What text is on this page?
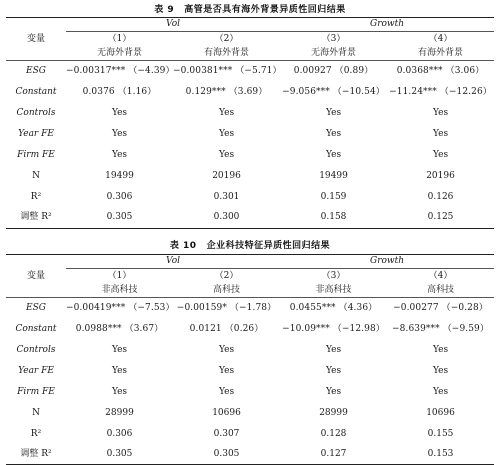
表 9 高管是否具有海外背景异质性回归结果
变量	Vol		Growth	
	（1）	（2）	（3）	（4）
	无海外背景	有海外背景	无海外背景	有海外背景
ESG	−0.00317*** （−4.39）	−0.00381*** （−5.71）	0.00927 （0.89）	0.0368*** （3.06）
Constant	0.0376 （1.16）	0.129*** （3.69）	−9.056*** （−10.54）	−11.24*** （−12.26）
Controls	Yes	Yes	Yes	Yes
Year FE	Yes	Yes	Yes	Yes
Firm FE	Yes	Yes	Yes	Yes
N	19499	20196	19499	20196
R²	0.306	0.301	0.159	0.126
调整 R²	0.305	0.300	0.158	0.125
表 10 企业科技特征异质性回归结果
变量	Vol		Growth	
	（1）	（2）	（3）	（4）
	非高科技	高科技	非高科技	高科技
ESG	−0.00419*** （−7.53）	−0.00159* （−1.78）	0.0455*** （4.36）	−0.00277 （−0.28）
Constant	0.0988*** （3.67）	0.0121 （0.26）	−10.09*** （−12.98）	−8.639*** （−9.59）
Controls	Yes	Yes	Yes	Yes
Year FE	Yes	Yes	Yes	Yes
Firm FE	Yes	Yes	Yes	Yes
N	28999	10696	28999	10696
R²	0.306	0.307	0.128	0.155
调整 R²	0.305	0.305	0.127	0.153
